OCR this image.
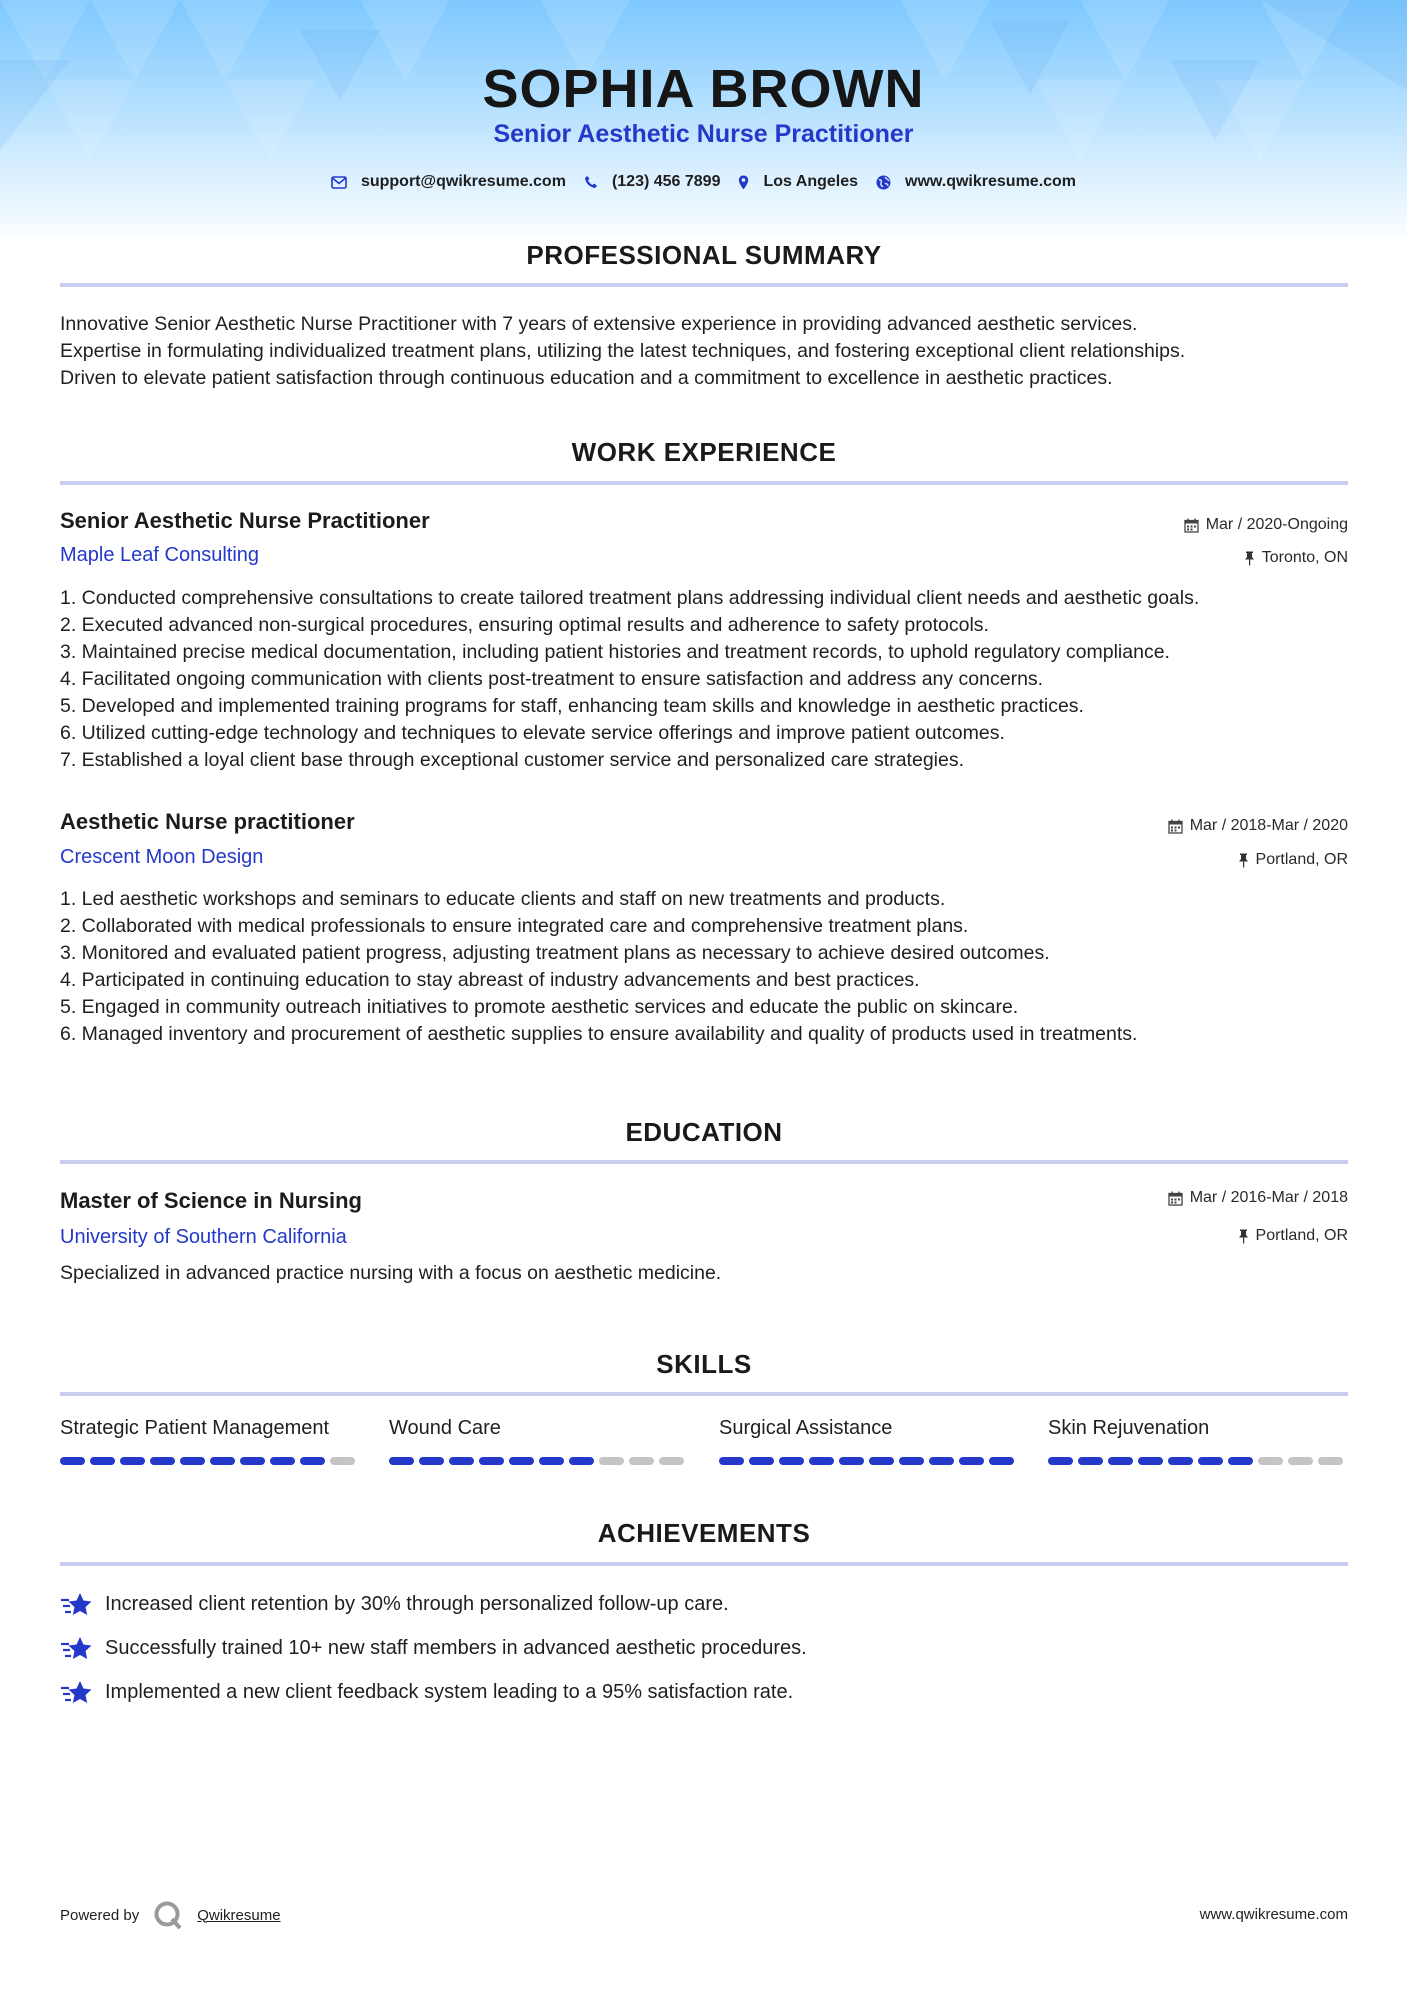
SOPHIA BROWN
Senior Aesthetic Nurse Practitioner
support@qwikresume.com	(123) 456 7899	Los Angeles	www.qwikresume.com
PROFESSIONAL SUMMARY
Innovative Senior Aesthetic Nurse Practitioner with 7 years of extensive experience in providing advanced aesthetic services.
Expertise in formulating individualized treatment plans, utilizing the latest techniques, and fostering exceptional client relationships.
Driven to elevate patient satisfaction through continuous education and a commitment to excellence in aesthetic practices.
WORK EXPERIENCE
Senior Aesthetic Nurse Practitioner	Mar / 2020-Ongoing
Maple Leaf Consulting	Toronto, ON
1. Conducted comprehensive consultations to create tailored treatment plans addressing individual client needs and aesthetic goals.
2. Executed advanced non-surgical procedures, ensuring optimal results and adherence to safety protocols.
3. Maintained precise medical documentation, including patient histories and treatment records, to uphold regulatory compliance.
4. Facilitated ongoing communication with clients post-treatment to ensure satisfaction and address any concerns.
5. Developed and implemented training programs for staff, enhancing team skills and knowledge in aesthetic practices.
6. Utilized cutting-edge technology and techniques to elevate service offerings and improve patient outcomes.
7. Established a loyal client base through exceptional customer service and personalized care strategies.
Aesthetic Nurse practitioner	Mar / 2018-Mar / 2020
Crescent Moon Design	Portland, OR
1. Led aesthetic workshops and seminars to educate clients and staff on new treatments and products.
2. Collaborated with medical professionals to ensure integrated care and comprehensive treatment plans.
3. Monitored and evaluated patient progress, adjusting treatment plans as necessary to achieve desired outcomes.
4. Participated in continuing education to stay abreast of industry advancements and best practices.
5. Engaged in community outreach initiatives to promote aesthetic services and educate the public on skincare.
6. Managed inventory and procurement of aesthetic supplies to ensure availability and quality of products used in treatments.
EDUCATION
Master of Science in Nursing	Mar / 2016-Mar / 2018
University of Southern California	Portland, OR
Specialized in advanced practice nursing with a focus on aesthetic medicine.
SKILLS
Strategic Patient Management	Wound Care	Surgical Assistance	Skin Rejuvenation
ACHIEVEMENTS
Increased client retention by 30% through personalized follow-up care.
Successfully trained 10+ new staff members in advanced aesthetic procedures.
Implemented a new client feedback system leading to a 95% satisfaction rate.
Powered by	Qwikresume	www.qwikresume.com
